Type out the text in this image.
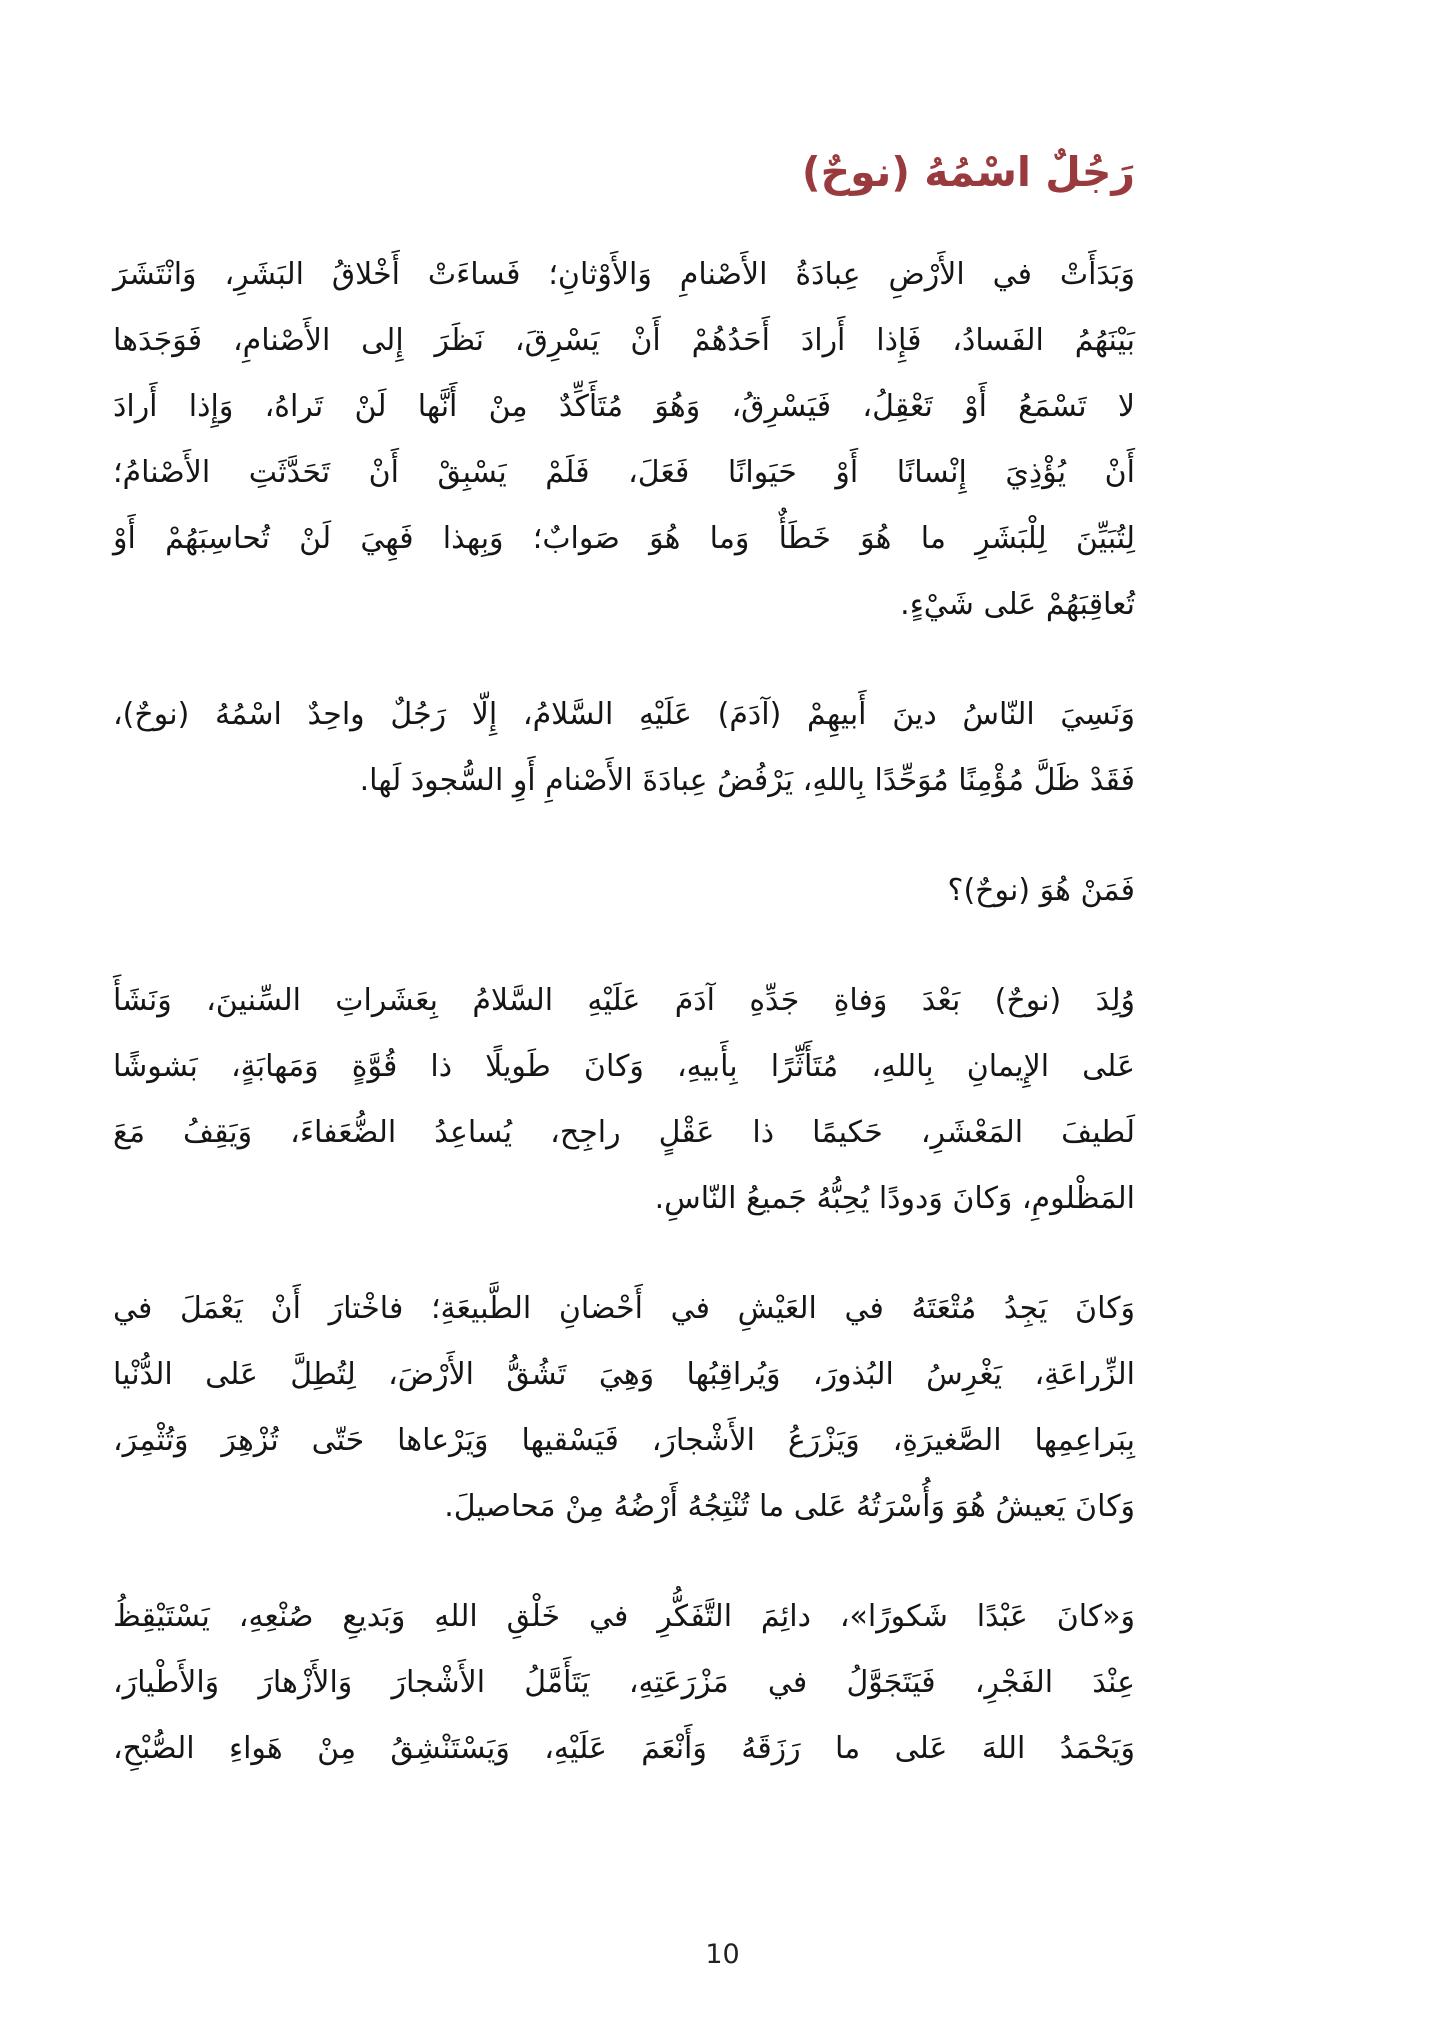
رَجُلٌ اسْمُهُ (نوحٌ)
وَبَدَأَتْ في الأَرْضِ عِبادَةُ الأَصْنامِ وَالأَوْثانِ؛ فَساءَتْ أَخْلاقُ البَشَرِ، وَانْتَشَرَ
بَيْنَهُمُ الفَسادُ، فَإِذا أَرادَ أَحَدُهُمْ أَنْ يَسْرِقَ، نَظَرَ إِلى الأَصْنامِ، فَوَجَدَها
لا تَسْمَعُ أَوْ تَعْقِلُ، فَيَسْرِقُ، وَهُوَ مُتَأَكِّدٌ مِنْ أَنَّها لَنْ تَراهُ، وَإِذا أَرادَ
أَنْ يُؤْذِيَ إِنْسانًا أَوْ حَيَوانًا فَعَلَ، فَلَمْ يَسْبِقْ أَنْ تَحَدَّثَتِ الأَصْنامُ؛
لِتُبَيِّنَ لِلْبَشَرِ ما هُوَ خَطَأٌ وَما هُوَ صَوابٌ؛ وَبِهذا فَهِيَ لَنْ تُحاسِبَهُمْ أَوْ
تُعاقِبَهُمْ عَلى شَيْءٍ.
وَنَسِيَ النّاسُ دينَ أَبيهِمْ (آدَمَ) عَلَيْهِ السَّلامُ، إِلّا رَجُلٌ واحِدٌ اسْمُهُ (نوحٌ)،
فَقَدْ ظَلَّ مُؤْمِنًا مُوَحِّدًا بِاللهِ، يَرْفُضُ عِبادَةَ الأَصْنامِ أَوِ السُّجودَ لَها.
فَمَنْ هُوَ (نوحٌ)؟
وُلِدَ (نوحٌ) بَعْدَ وَفاةِ جَدِّهِ آدَمَ عَلَيْهِ السَّلامُ بِعَشَراتِ السِّنينَ، وَنَشَأَ
عَلى الإِيمانِ بِاللهِ، مُتَأَثِّرًا بِأَبيهِ، وَكانَ طَويلًا ذا قُوَّةٍ وَمَهابَةٍ، بَشوشًا
لَطيفَ المَعْشَرِ، حَكيمًا ذا عَقْلٍ راجِح، يُساعِدُ الضُّعَفاءَ، وَيَقِفُ مَعَ
المَظْلومِ، وَكانَ وَدودًا يُحِبُّهُ جَميعُ النّاسِ.
وَكانَ يَجِدُ مُتْعَتَهُ في العَيْشِ في أَحْضانِ الطَّبيعَةِ؛ فاخْتارَ أَنْ يَعْمَلَ في
الزِّراعَةِ، يَغْرِسُ البُذورَ، وَيُراقِبُها وَهِيَ تَشُقُّ الأَرْضَ، لِتُطِلَّ عَلى الدُّنْيا
بِبَراعِمِها الصَّغيرَةِ، وَيَزْرَعُ الأَشْجارَ، فَيَسْقيها وَيَرْعاها حَتّى تُزْهِرَ وَتُثْمِرَ،
وَكانَ يَعيشُ هُوَ وَأُسْرَتُهُ عَلى ما تُنْتِجُهُ أَرْضُهُ مِنْ مَحاصيلَ.
وَ«كانَ عَبْدًا شَكورًا»، دائِمَ التَّفَكُّرِ في خَلْقِ اللهِ وَبَديعِ صُنْعِهِ، يَسْتَيْقِظُ
عِنْدَ الفَجْرِ، فَيَتَجَوَّلُ في مَزْرَعَتِهِ، يَتَأَمَّلُ الأَشْجارَ وَالأَزْهارَ وَالأَطْيارَ،
وَيَحْمَدُ اللهَ عَلى ما رَزَقَهُ وَأَنْعَمَ عَلَيْهِ، وَيَسْتَنْشِقُ مِنْ هَواءِ الصُّبْحِ،
10
